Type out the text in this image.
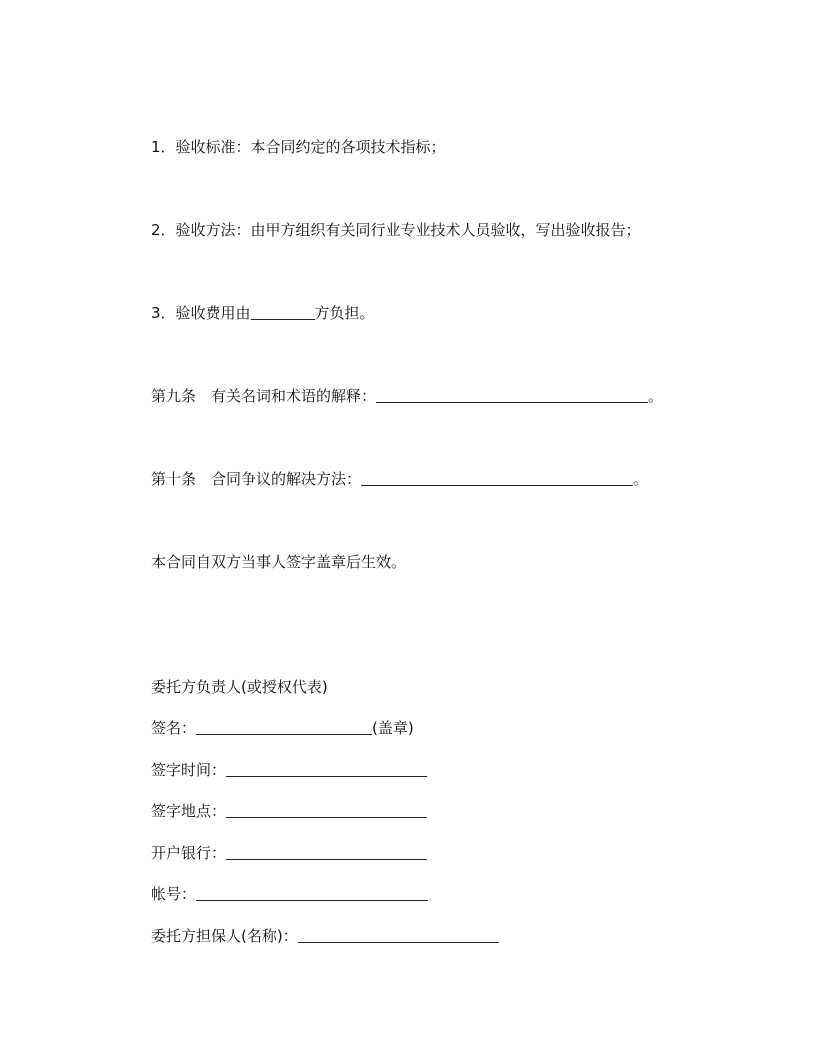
1．验收标准：本合同约定的各项技术指标；

2．验收方法：由甲方组织有关同行业专业技术人员验收，写出验收报告；

3．验收费用由	方负担。

第九条 有关名词和术语的解释：	。

第十条 合同争议的解决方法：	。

本合同自双方当事人签字盖章后生效。

委托方负责人(或授权代表)

签名：	(盖章)

签字时间：

签字地点：

开户银行：

帐号：

委托方担保人(名称)：
